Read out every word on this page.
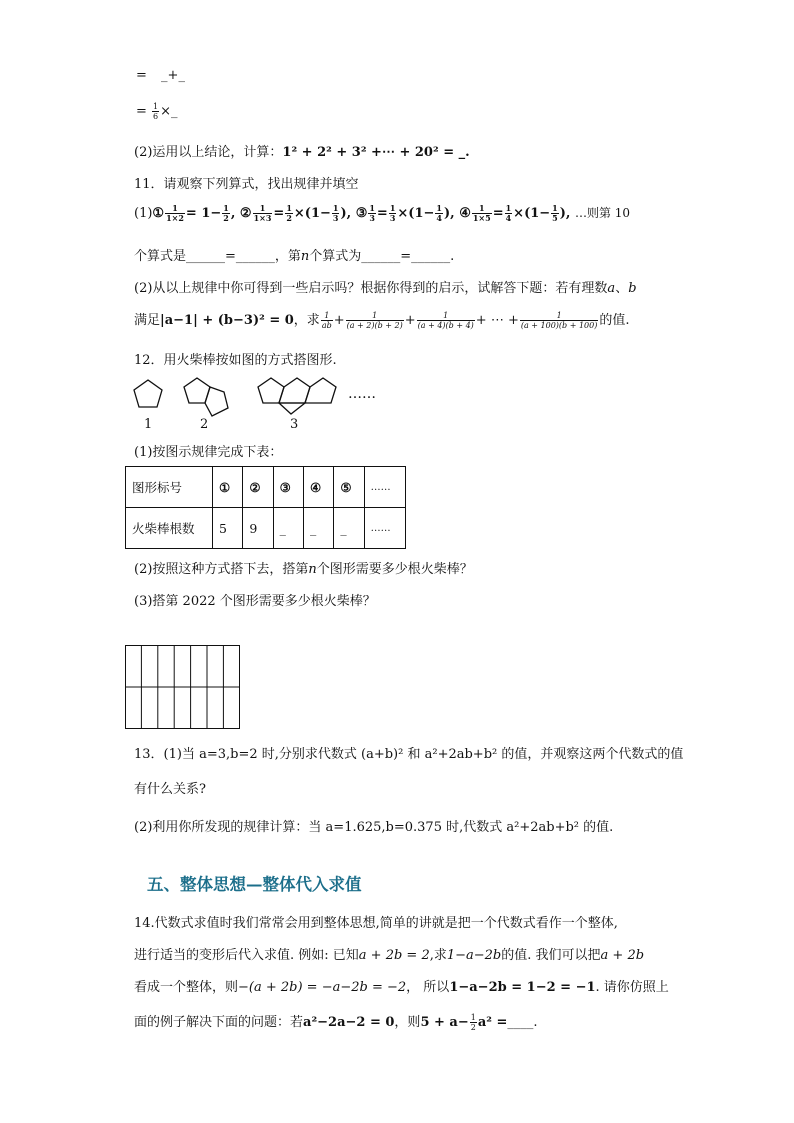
= _+_
= $\frac{1}{6}$ ×_
(2)运用以上结论，计算：1² + 2² + 3² +⋯ + 20² = _.
11．请观察下列算式，找出规律并填空
(1)① $\frac{1}{1\times 2} = 1- \frac{1}{2}$ , ② $\frac{1}{1\times 3} = \frac{1}{2} \times(1- \frac{1}{3}$ ), ③ $\frac{1}{3} = \frac{1}{3} \times(1- \frac{1}{4}$ ), ④ $\frac{1}{1\times 5} = \frac{1}{4} \times(1- \frac{1}{5}$ ), …则第 10
个算式是______=______，第n个算式为______=______.
(2)从以上规律中你可得到一些启示吗？根据你得到的启示，试解答下题：若有理数a、b
满足|a−1| + (b−3)² = 0，求 $\frac{1}{ab} + \frac{1}{(a + 2)(b + 2)} + \frac{1}{(a + 4)(b + 4)}$ + ⋯ + $\frac{1}{(a + 100)(b + 100)}$ 的值.
12．用火柴棒按如图的方式搭图形.
……
1	2	3
(1)按图示规律完成下表：
图形标号	①	②	③	④	⑤	……
火柴棒根数	5	9	_	_	_	……
(2)按照这种方式搭下去，搭第n个图形需要多少根火柴棒？
(3)搭第 2022 个图形需要多少根火柴棒？
13．(1)当 a=3,b=2 时,分别求代数式 (a+b)² 和 a²+2ab+b² 的值，并观察这两个代数式的值
有什么关系?
(2)利用你所发现的规律计算：当 a=1.625,b=0.375 时,代数式 a²+2ab+b² 的值.
五、整体思想—整体代入求值
14.代数式求值时我们常常会用到整体思想,简单的讲就是把一个代数式看作一个整体,
进行适当的变形后代入求值. 例如: 已知a + 2b = 2,求1−a−2b的值. 我们可以把a + 2b
看成一个整体，则−(a + 2b) = −a−2b = −2， 所以1−a−2b = 1−2 = −1. 请你仿照上
面的例子解决下面的问题：若a²−2a−2 = 0，则$5 + a- \frac{1}{2} a^2$ =____.
